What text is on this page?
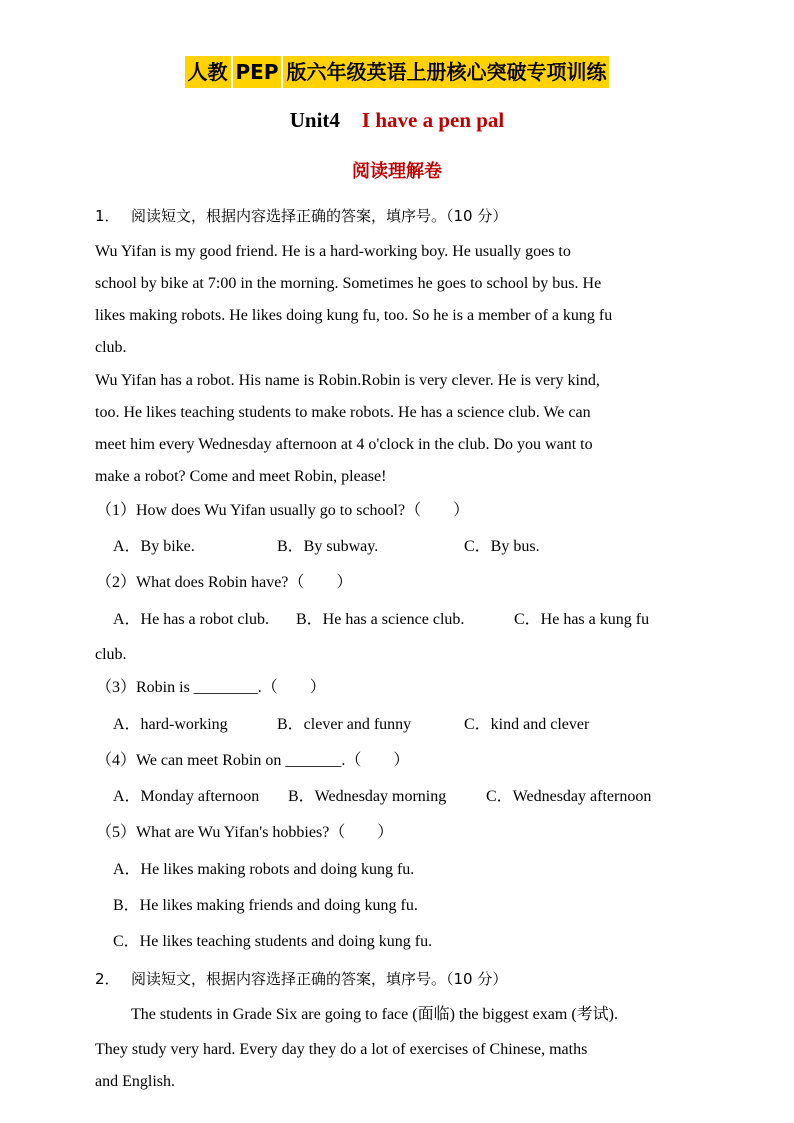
人教 PEP 版六年级英语上册核心突破专项训练
Unit4 I have a pen pal
阅读理解卷
1． 阅读短文，根据内容选择正确的答案，填序号。（10 分）
Wu Yifan is my good friend. He is a hard-working boy. He usually goes to
school by bike at 7:00 in the morning. Sometimes he goes to school by bus. He
likes making robots. He likes doing kung fu, too. So he is a member of a kung fu
club.
Wu Yifan has a robot. His name is Robin.Robin is very clever. He is very kind,
too. He likes teaching students to make robots. He has a science club. We can
meet him every Wednesday afternoon at 4 o'clock in the club. Do you want to
make a robot? Come and meet Robin, please!
（1）How does Wu Yifan usually go to school?（　　）
A．By bike.	B．By subway.	C．By bus.
（2）What does Robin have?（　　）
A．He has a robot club. B．He has a science club.	C．He has a kung fu
club.
（3）Robin is ________.（　　）
A．hard-working	B．clever and funny	C．kind and clever
（4）We can meet Robin on _______.（　　）
A．Monday afternoon B．Wednesday morning C．Wednesday afternoon
（5）What are Wu Yifan's hobbies?（　　）
A．He likes making robots and doing kung fu.
B．He likes making friends and doing kung fu.
C．He likes teaching students and doing kung fu.
2． 阅读短文，根据内容选择正确的答案，填序号。（10 分）
The students in Grade Six are going to face (面临) the biggest exam (考试).
They study very hard. Every day they do a lot of exercises of Chinese, maths
and English.
